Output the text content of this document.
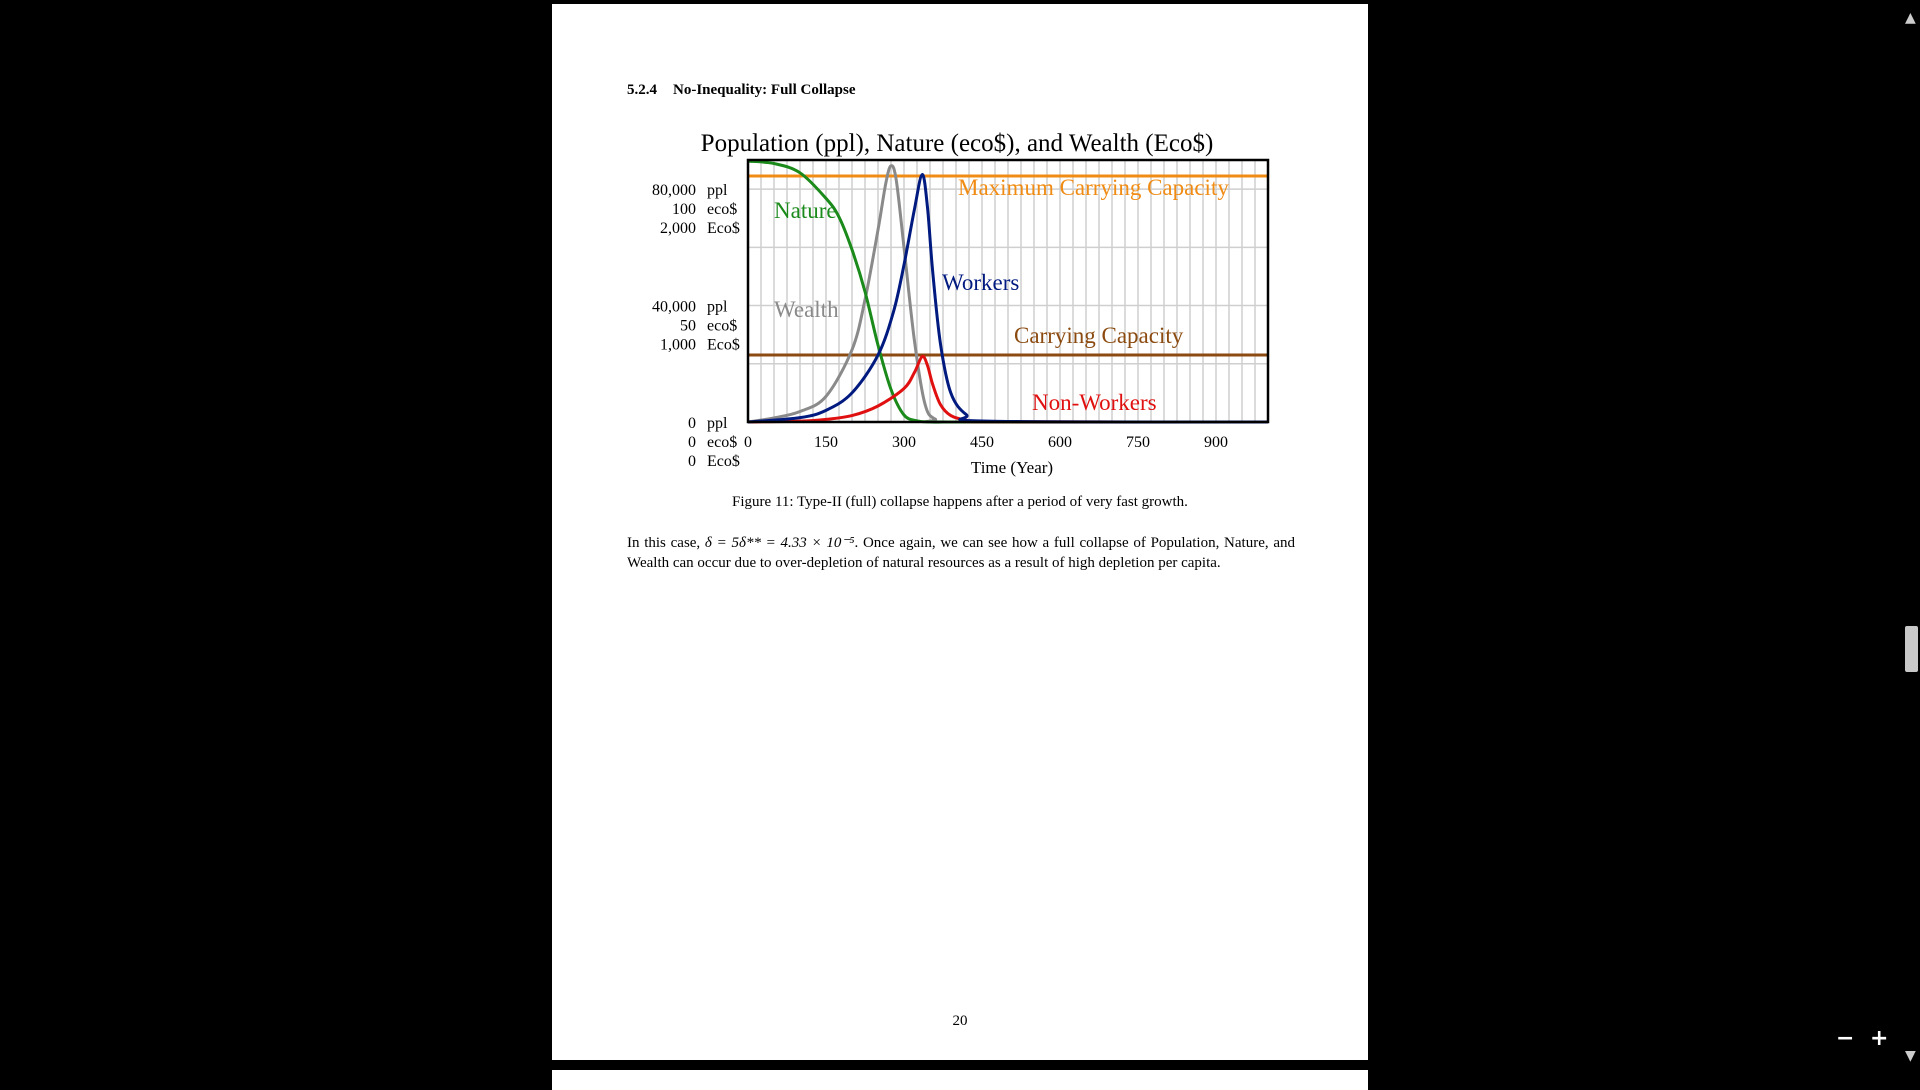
5.2.4 No-Inequality: Full Collapse
Population (ppl), Nature (eco$), and Wealth (Eco$)
80,000 ppl
100 eco$
2,000 Eco$
40,000 ppl
50 eco$
1,000 Eco$
0 ppl
0 eco$
0 Eco$
0	150	300	450	600	750	900
Maximum Carrying Capacity
Nature
Workers
Wealth
Carrying Capacity
Non-Workers
Time (Year)
Figure 11: Type-II (full) collapse happens after a period of very fast growth.
In this case, δ = 5δ** = 4.33 × 10⁻⁵. Once again, we can see how a full collapse of Population, Nature, and Wealth can occur due to over-depletion of natural resources as a result of high depletion per capita.
20
▲
▼
− +
